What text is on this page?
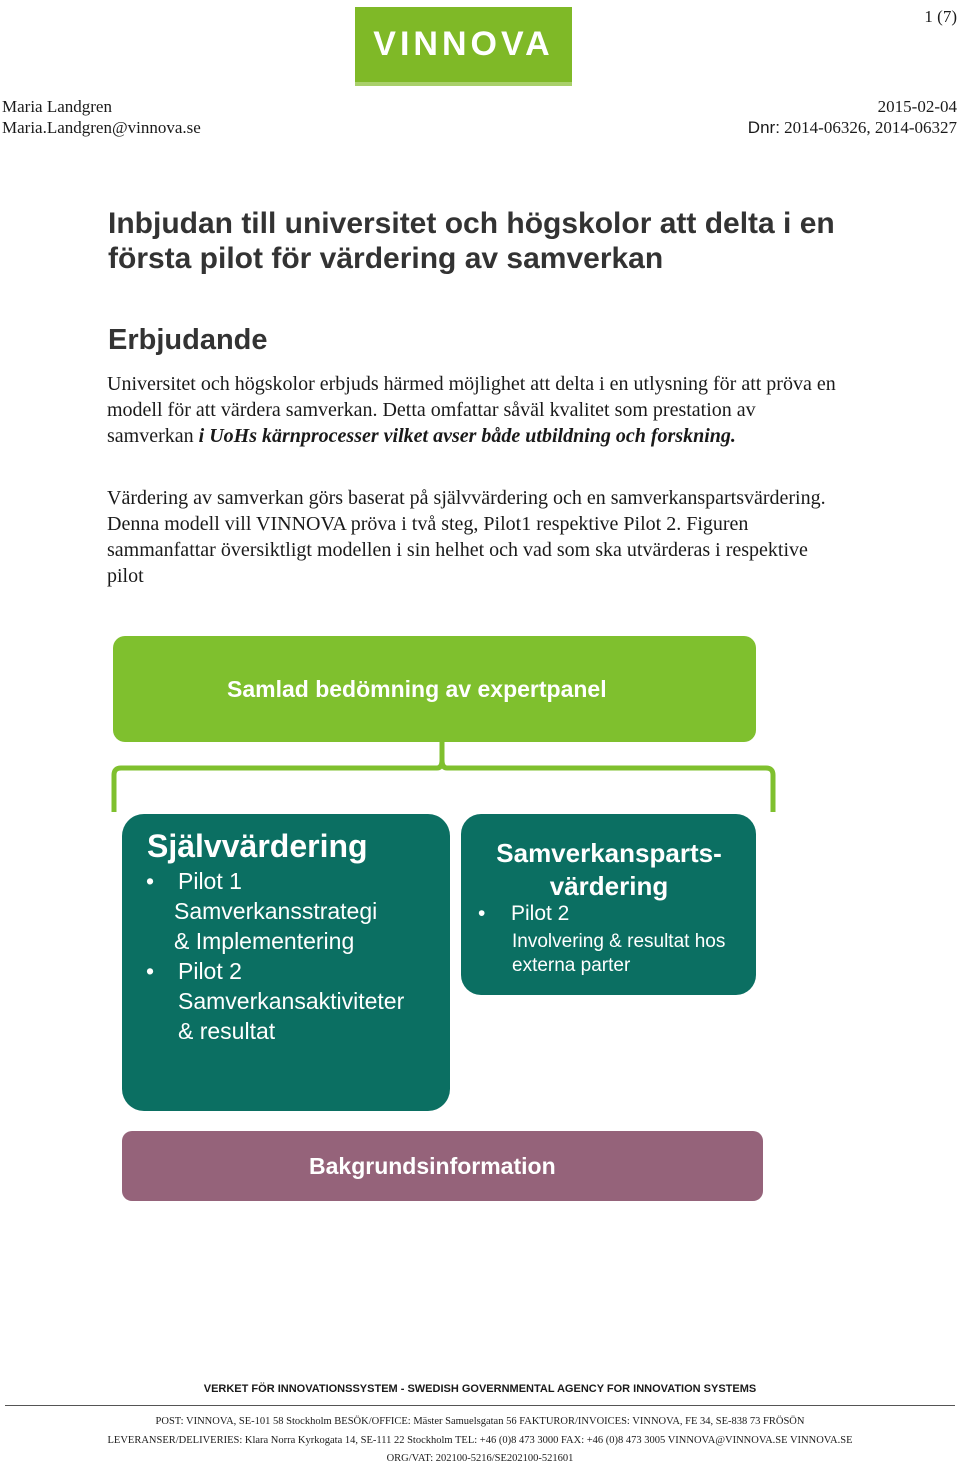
VINNOVA
1 (7)
Maria Landgren
Maria.Landgren@vinnova.se
2015-02-04
Dnr: 2014-06326, 2014-06327
Inbjudan till universitet och högskolor att delta i en
första pilot för värdering av samverkan
Erbjudande

Universitet och högskolor erbjuds härmed möjlighet att delta i en utlysning för att pröva en modell för att värdera samverkan. Detta omfattar såväl kvalitet som prestation av samverkan i UoHs kärnprocesser vilket avser både utbildning och forskning.

Värdering av samverkan görs baserat på självvärdering och en samverkanspartsvärdering. Denna modell vill VINNOVA pröva i två steg, Pilot1 respektive Pilot 2. Figuren sammanfattar översiktligt modellen i sin helhet och vad som ska utvärderas i respektive pilot

Samlad bedömning av expertpanel
Självvärdering
• Pilot 1
Samverkansstrategi
& Implementering
• Pilot 2
Samverkansaktiviteter
& resultat
Samverkansparts-
värdering
• Pilot 2
Involvering & resultat hos
externa parter
Bakgrundsinformation
VERKET FÖR INNOVATIONSSYSTEM - SWEDISH GOVERNMENTAL AGENCY FOR INNOVATION SYSTEMS
POST: VINNOVA, SE-101 58 Stockholm BESÖK/OFFICE: Mäster Samuelsgatan 56 FAKTUROR/INVOICES: VINNOVA, FE 34, SE-838 73 FRÖSÖN
LEVERANSER/DELIVERIES: Klara Norra Kyrkogata 14, SE-111 22 Stockholm TEL: +46 (0)8 473 3000 FAX: +46 (0)8 473 3005 VINNOVA@VINNOVA.SE VINNOVA.SE
ORG/VAT: 202100-5216/SE202100-521601
